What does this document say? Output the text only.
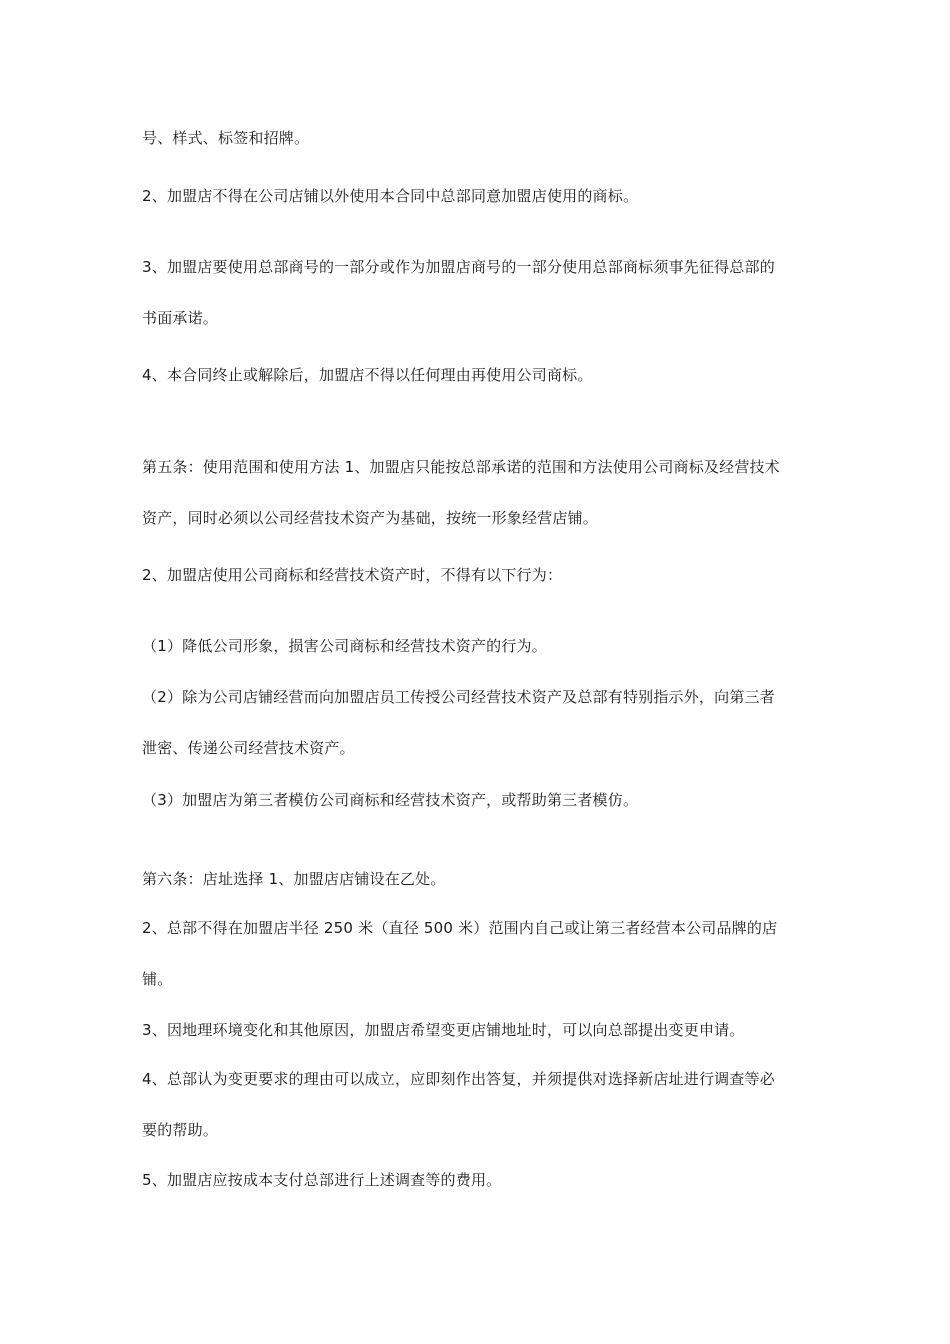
号、样式、标签和招牌。
2、加盟店不得在公司店铺以外使用本合同中总部同意加盟店使用的商标。
3、加盟店要使用总部商号的一部分或作为加盟店商号的一部分使用总部商标须事先征得总部的
书面承诺。
4、本合同终止或解除后，加盟店不得以任何理由再使用公司商标。
第五条：使用范围和使用方法 1、加盟店只能按总部承诺的范围和方法使用公司商标及经营技术
资产，同时必须以公司经营技术资产为基础，按统一形象经营店铺。
2、加盟店使用公司商标和经营技术资产时，不得有以下行为：
（1）降低公司形象，损害公司商标和经营技术资产的行为。
（2）除为公司店铺经营而向加盟店员工传授公司经营技术资产及总部有特别指示外，向第三者
泄密、传递公司经营技术资产。
（3）加盟店为第三者模仿公司商标和经营技术资产，或帮助第三者模仿。
第六条：店址选择 1、加盟店店铺设在乙处。
2、总部不得在加盟店半径 250 米（直径 500 米）范围内自己或让第三者经营本公司品牌的店
铺。
3、因地理环境变化和其他原因，加盟店希望变更店铺地址时，可以向总部提出变更申请。
4、总部认为变更要求的理由可以成立，应即刻作出答复，并须提供对选择新店址进行调查等必
要的帮助。
5、加盟店应按成本支付总部进行上述调查等的费用。
